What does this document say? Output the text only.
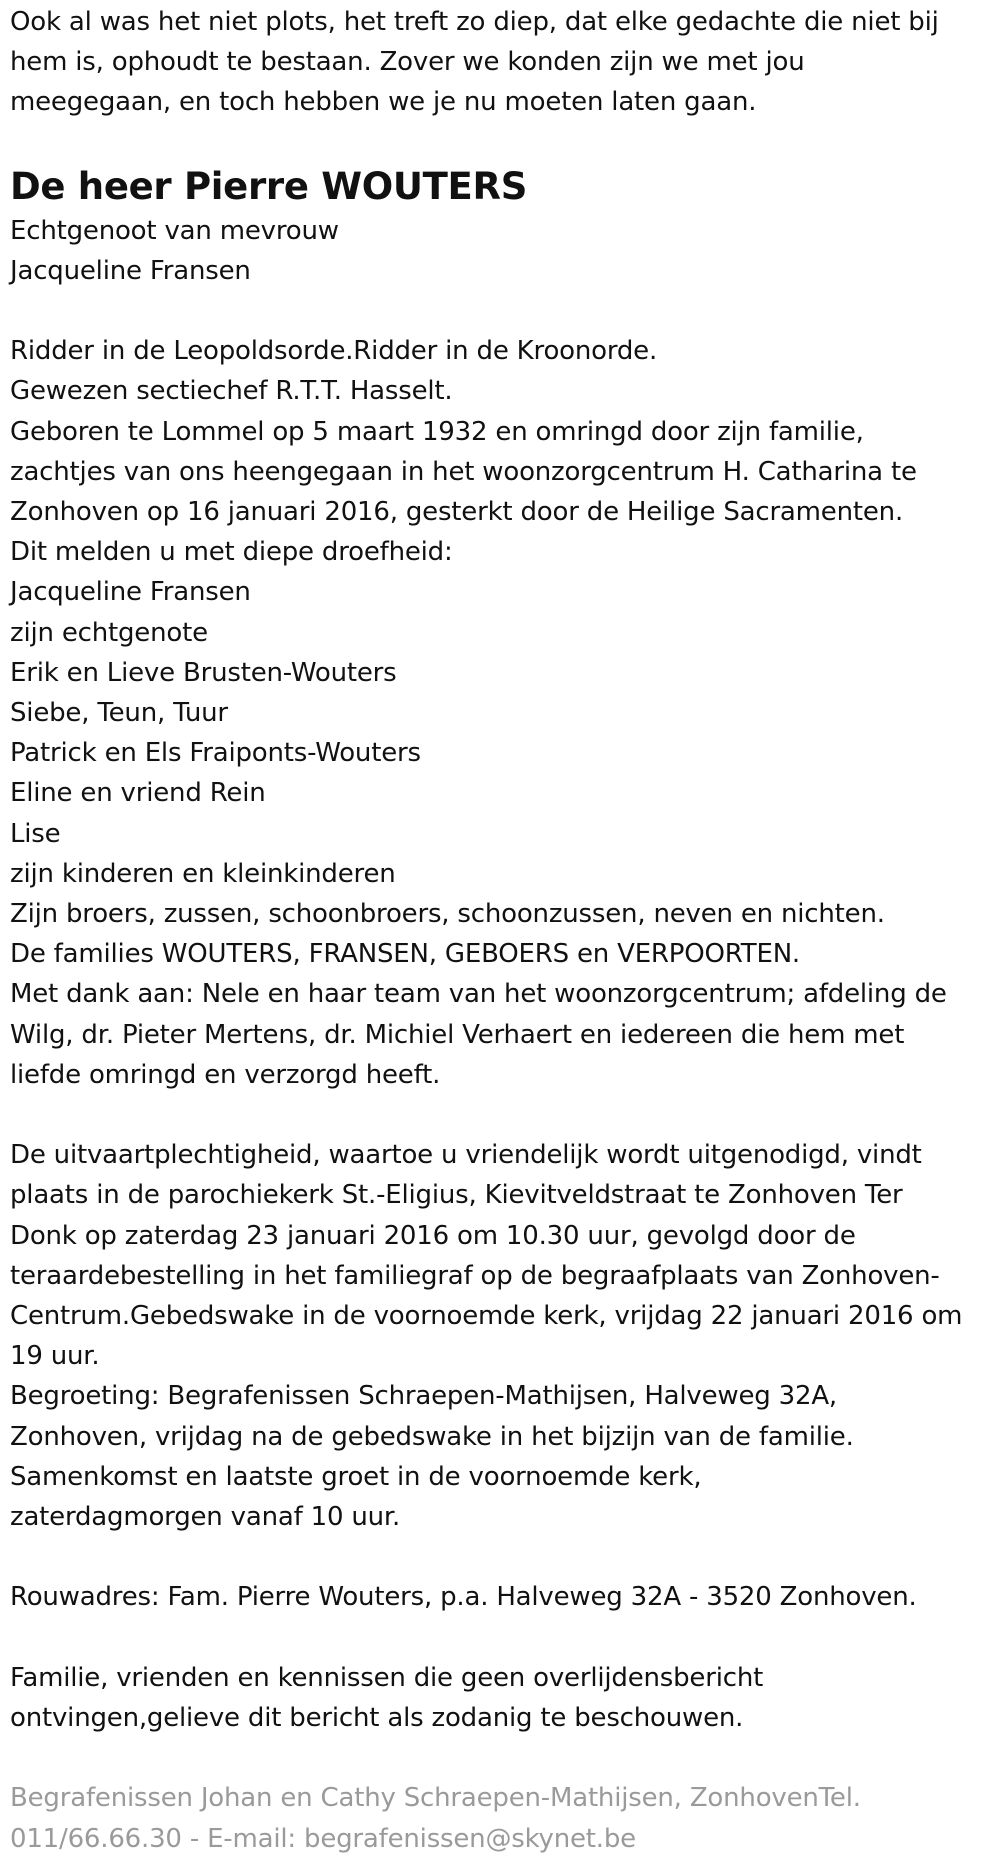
Ook al was het niet plots, het treft zo diep, dat elke gedachte die niet bij
hem is, ophoudt te bestaan. Zover we konden zijn we met jou
meegegaan, en toch hebben we je nu moeten laten gaan.
De heer Pierre WOUTERS
Echtgenoot van mevrouw
Jacqueline Fransen
Ridder in de Leopoldsorde.Ridder in de Kroonorde.
Gewezen sectiechef R.T.T. Hasselt.
Geboren te Lommel op 5 maart 1932 en omringd door zijn familie,
zachtjes van ons heengegaan in het woonzorgcentrum H. Catharina te
Zonhoven op 16 januari 2016, gesterkt door de Heilige Sacramenten.
Dit melden u met diepe droefheid:
Jacqueline Fransen
zijn echtgenote
Erik en Lieve Brusten-Wouters
Siebe, Teun, Tuur
Patrick en Els Fraiponts-Wouters
Eline en vriend Rein
Lise
zijn kinderen en kleinkinderen
Zijn broers, zussen, schoonbroers, schoonzussen, neven en nichten.
De families WOUTERS, FRANSEN, GEBOERS en VERPOORTEN.
Met dank aan: Nele en haar team van het woonzorgcentrum; afdeling de
Wilg, dr. Pieter Mertens, dr. Michiel Verhaert en iedereen die hem met
liefde omringd en verzorgd heeft.
De uitvaartplechtigheid, waartoe u vriendelijk wordt uitgenodigd, vindt
plaats in de parochiekerk St.-Eligius, Kievitveldstraat te Zonhoven Ter
Donk op zaterdag 23 januari 2016 om 10.30 uur, gevolgd door de
teraardebestelling in het familiegraf op de begraafplaats van Zonhoven-
Centrum.Gebedswake in de voornoemde kerk, vrijdag 22 januari 2016 om
19 uur.
Begroeting: Begrafenissen Schraepen-Mathijsen, Halveweg 32A,
Zonhoven, vrijdag na de gebedswake in het bijzijn van de familie.
Samenkomst en laatste groet in de voornoemde kerk,
zaterdagmorgen vanaf 10 uur.
Rouwadres: Fam. Pierre Wouters, p.a. Halveweg 32A - 3520 Zonhoven.
Familie, vrienden en kennissen die geen overlijdensbericht
ontvingen,gelieve dit bericht als zodanig te beschouwen.
Begrafenissen Johan en Cathy Schraepen-Mathijsen, ZonhovenTel.
011/66.66.30 - E-mail: begrafenissen@skynet.be
